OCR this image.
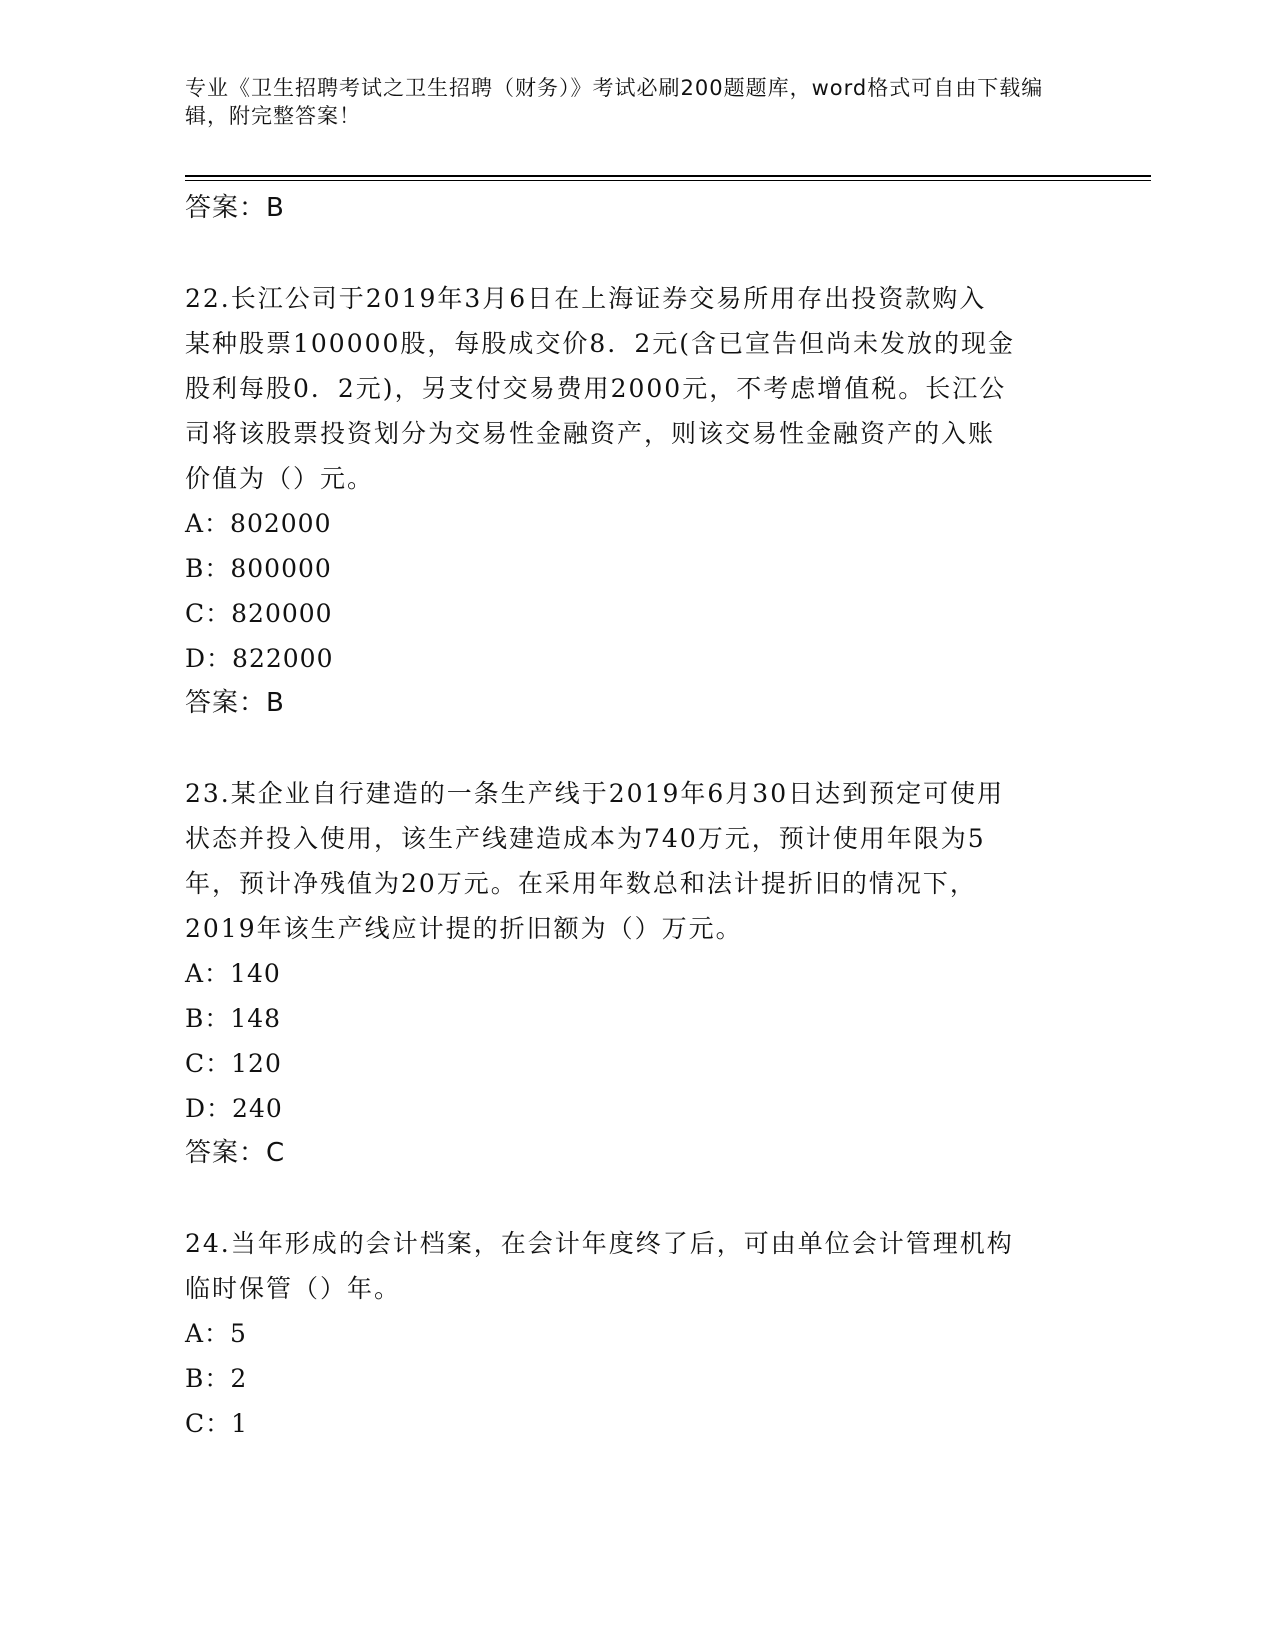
专业《卫生招聘考试之卫生招聘（财务）》考试必刷200题题库，word格式可自由下载编辑，附完整答案！
答案：B
22.长江公司于2019年3月6日在上海证券交易所用存出投资款购入
某种股票100000股，每股成交价8．2元(含已宣告但尚未发放的现金
股利每股0．2元)，另支付交易费用2000元，不考虑增值税。长江公
司将该股票投资划分为交易性金融资产，则该交易性金融资产的入账
价值为（）元。
A：802000
B：800000
C：820000
D：822000
答案：B
23.某企业自行建造的一条生产线于2019年6月30日达到预定可使用
状态并投入使用，该生产线建造成本为740万元，预计使用年限为5
年，预计净残值为20万元。在采用年数总和法计提折旧的情况下，
2019年该生产线应计提的折旧额为（）万元。
A：140
B：148
C：120
D：240
答案：C
24.当年形成的会计档案，在会计年度终了后，可由单位会计管理机构
临时保管（）年。
A：5
B：2
C：1
